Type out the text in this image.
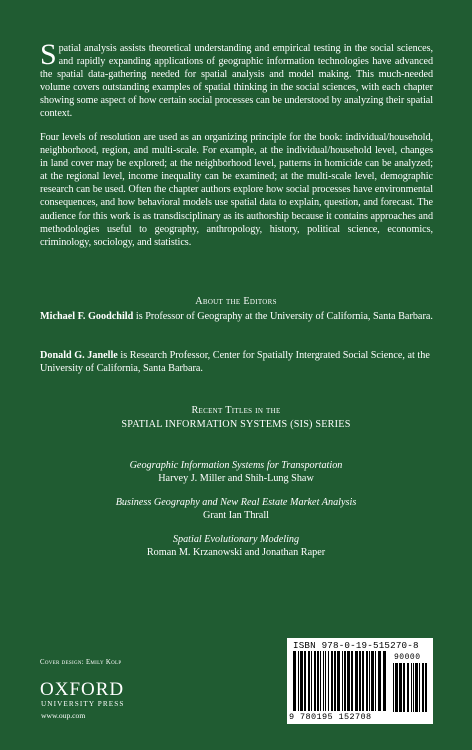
Spatial analysis assists theoretical understanding and empirical testing in the social sciences, and rapidly expanding applications of geographic information technologies have advanced the spatial data-gathering needed for spatial analysis and model making. This much-needed volume covers outstanding examples of spatial thinking in the social sciences, with each chapter showing some aspect of how certain social processes can be understood by analyzing their spatial context.
Four levels of resolution are used as an organizing principle for the book: individual/household, neighborhood, region, and multi-scale. For example, at the individual/household level, changes in land cover may be explored; at the neighborhood level, patterns in homicide can be analyzed; at the regional level, income inequality can be examined; at the multi-scale level, demographic research can be used. Often the chapter authors explore how social processes have environmental consequences, and how behavioral models use spatial data to explain, question, and forecast. The audience for this work is as transdisciplinary as its authorship because it contains approaches and methodologies useful to geography, anthropology, history, political science, economics, criminology, sociology, and statistics.
About the Editors
Michael F. Goodchild is Professor of Geography at the University of California, Santa Barbara.
Donald G. Janelle is Research Professor, Center for Spatially Intergrated Social Science, at the University of California, Santa Barbara.
Recent Titles in the
SPATIAL INFORMATION SYSTEMS (SIS) SERIES
Geographic Information Systems for Transportation
Harvey J. Miller and Shih-Lung Shaw
Business Geography and New Real Estate Market Analysis
Grant Ian Thrall
Spatial Evolutionary Modeling
Roman M. Krzanowski and Jonathan Raper
ISBN 978-0-19-515270-8
90000
9 780195 152708
Cover design: Emily Kolp
OXFORD
UNIVERSITY PRESS
www.oup.com
